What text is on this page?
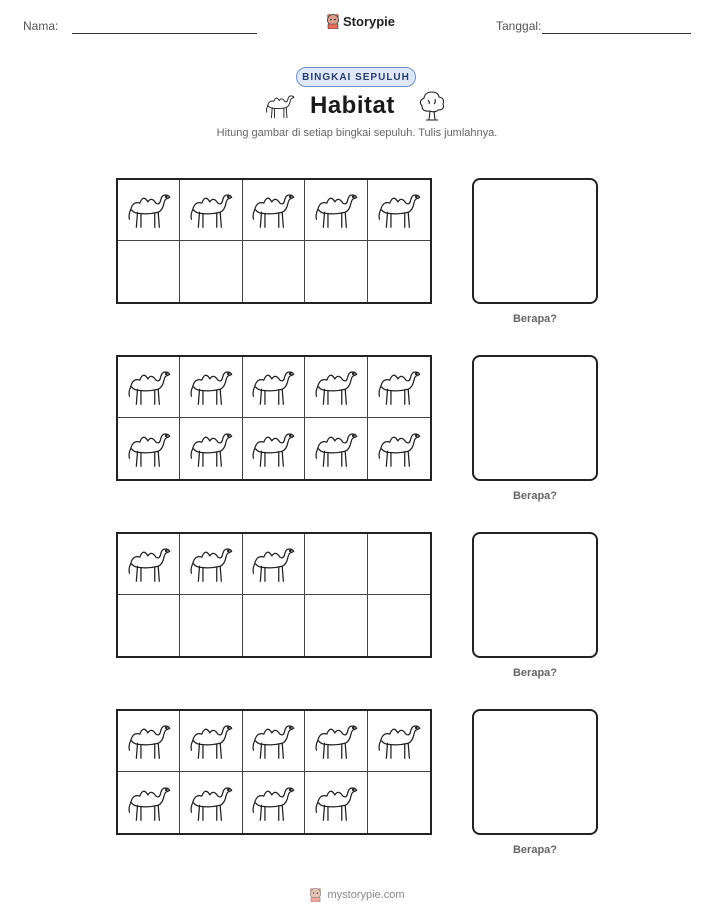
Nama:	Storypie	Tanggal:
BINGKAI SEPULUH
Habitat
Hitung gambar di setiap bingkai sepuluh. Tulis jumlahnya.
Berapa?
Berapa?
Berapa?
Berapa?
mystorypie.com
